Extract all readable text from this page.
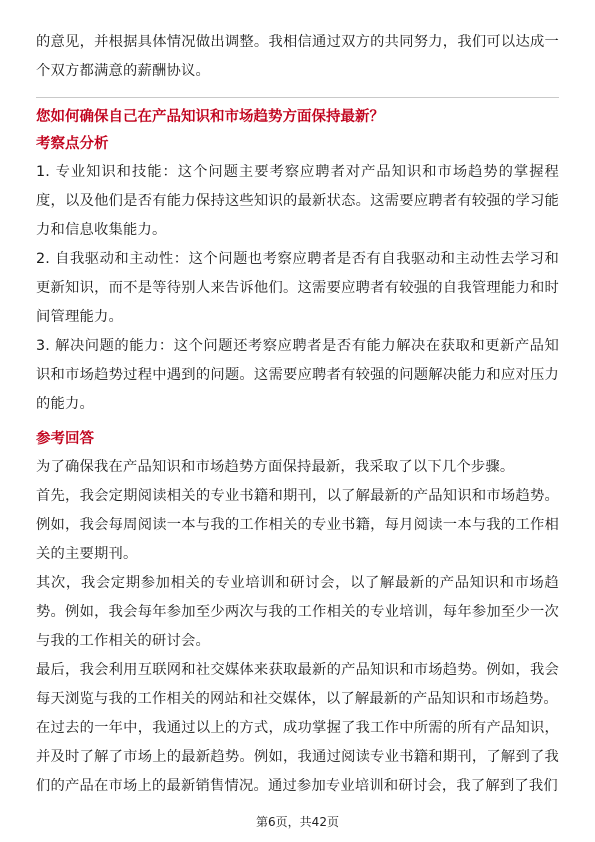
的意见，并根据具体情况做出调整。我相信通过双方的共同努力，我们可以达成一个双方都满意的薪酬协议。

您如何确保自己在产品知识和市场趋势方面保持最新？

考察点分析

1. 专业知识和技能：这个问题主要考察应聘者对产品知识和市场趋势的掌握程度，以及他们是否有能力保持这些知识的最新状态。这需要应聘者有较强的学习能力和信息收集能力。

2. 自我驱动和主动性：这个问题也考察应聘者是否有自我驱动和主动性去学习和更新知识，而不是等待别人来告诉他们。这需要应聘者有较强的自我管理能力和时间管理能力。

3. 解决问题的能力：这个问题还考察应聘者是否有能力解决在获取和更新产品知识和市场趋势过程中遇到的问题。这需要应聘者有较强的问题解决能力和应对压力的能力。

参考回答

为了确保我在产品知识和市场趋势方面保持最新，我采取了以下几个步骤。

首先，我会定期阅读相关的专业书籍和期刊，以了解最新的产品知识和市场趋势。例如，我会每周阅读一本与我的工作相关的专业书籍，每月阅读一本与我的工作相关的主要期刊。

其次，我会定期参加相关的专业培训和研讨会，以了解最新的产品知识和市场趋势。例如，我会每年参加至少两次与我的工作相关的专业培训，每年参加至少一次与我的工作相关的研讨会。

最后，我会利用互联网和社交媒体来获取最新的产品知识和市场趋势。例如，我会每天浏览与我的工作相关的网站和社交媒体，以了解最新的产品知识和市场趋势。

在过去的一年中，我通过以上的方式，成功掌握了我工作中所需的所有产品知识，并及时了解了市场上的最新趋势。例如，我通过阅读专业书籍和期刊，了解到了我们的产品在市场上的最新销售情况。通过参加专业培训和研讨会，我了解到了我们

第6页，共42页
